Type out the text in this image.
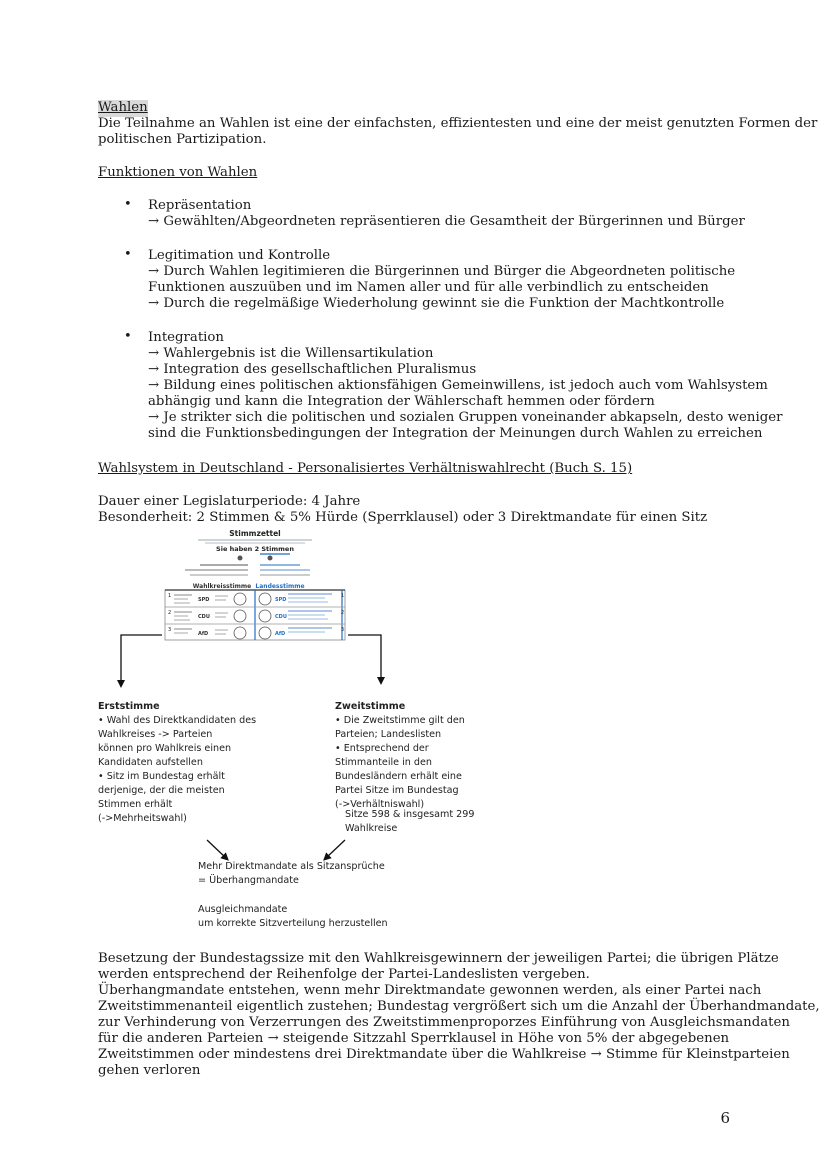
Wahlen
Die Teilnahme an Wahlen ist eine der einfachsten, effizientesten und eine der meist genutzten Formen der
politischen Partizipation.
Funktionen von Wahlen
• Repräsentation
→ Gewählten/Abgeordneten repräsentieren die Gesamtheit der Bürgerinnen und Bürger
• Legitimation und Kontrolle
→ Durch Wahlen legitimieren die Bürgerinnen und Bürger die Abgeordneten politische
Funktionen auszuüben und im Namen aller und für alle verbindlich zu entscheiden
→ Durch die regelmäßige Wiederholung gewinnt sie die Funktion der Machtkontrolle
• Integration
→ Wahlergebnis ist die Willensartikulation
→ Integration des gesellschaftlichen Pluralismus
→ Bildung eines politischen aktionsfähigen Gemeinwillens, ist jedoch auch vom Wahlsystem
abhängig und kann die Integration der Wählerschaft hemmen oder fördern
→ Je strikter sich die politischen und sozialen Gruppen voneinander abkapseln, desto weniger
sind die Funktionsbedingungen der Integration der Meinungen durch Wahlen zu erreichen
Wahlsystem in Deutschland - Personalisiertes Verhältniswahlrecht (Buch S. 15)
Dauer einer Legislaturperiode: 4 Jahre
Besonderheit: 2 Stimmen & 5% Hürde (Sperrklausel) oder 3 Direktmandate für einen Sitz
Stimmzettel
Sie haben 2 Stimmen
Wahlkreisstimme Landesstimme
1
2
3
1
2
3
SPD
CDU
AfD
SPD
CDU
AfD
Erststimme
• Wahl des Direktkandidaten des
Wahlkreises -> Parteien
können pro Wahlkreis einen
Kandidaten aufstellen
• Sitz im Bundestag erhält
derjenige, der die meisten
Stimmen erhält
(->Mehrheitswahl)
Zweitstimme
• Die Zweitstimme gilt den
Parteien; Landeslisten
• Entsprechend der
Stimmanteile in den
Bundesländern erhält eine
Partei Sitze im Bundestag
(->Verhältniswahl)
Sitze 598 & insgesamt 299
Wahlkreise
Mehr Direktmandate als Sitzansprüche
= Überhangmandate
Ausgleichmandate
um korrekte Sitzverteilung herzustellen
Besetzung der Bundestagssize mit den Wahlkreisgewinnern der jeweiligen Partei; die übrigen Plätze
werden entsprechend der Reihenfolge der Partei-Landeslisten vergeben.
Überhangmandate entstehen, wenn mehr Direktmandate gewonnen werden, als einer Partei nach
Zweitstimmenanteil eigentlich zustehen; Bundestag vergrößert sich um die Anzahl der Überhandmandate,
zur Verhinderung von Verzerrungen des Zweitstimmenproporzes Einführung von Ausgleichsmandaten
für die anderen Parteien → steigende Sitzzahl Sperrklausel in Höhe von 5% der abgegebenen
Zweitstimmen oder mindestens drei Direktmandate über die Wahlkreise → Stimme für Kleinstparteien
gehen verloren
6
